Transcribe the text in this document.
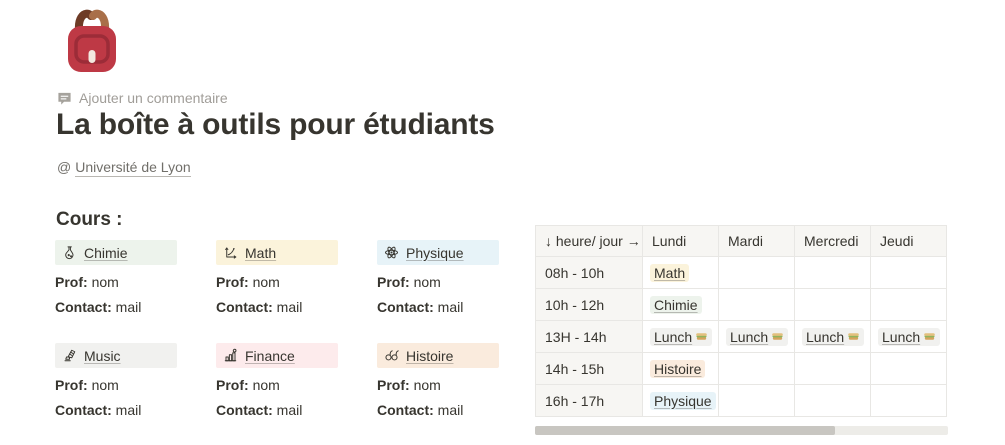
Ajouter un commentaire
La boîte à outils pour étudiants
@ Université de Lyon
Cours :
Chimie
Prof: nom
Contact: mail
Math
Prof: nom
Contact: mail
Physique
Prof: nom
Contact: mail
Music
Prof: nom
Contact: mail
Finance
Prof: nom
Contact: mail
Histoire
Prof: nom
Contact: mail
↓ heure/ jour →	Lundi	Mardi	Mercredi	Jeudi
08h - 10h	Math			

10h - 12h	Chimie			

13H - 14h	Lunch	Lunch	Lunch	Lunch

14h - 15h	Histoire			

16h - 17h	Physique			
